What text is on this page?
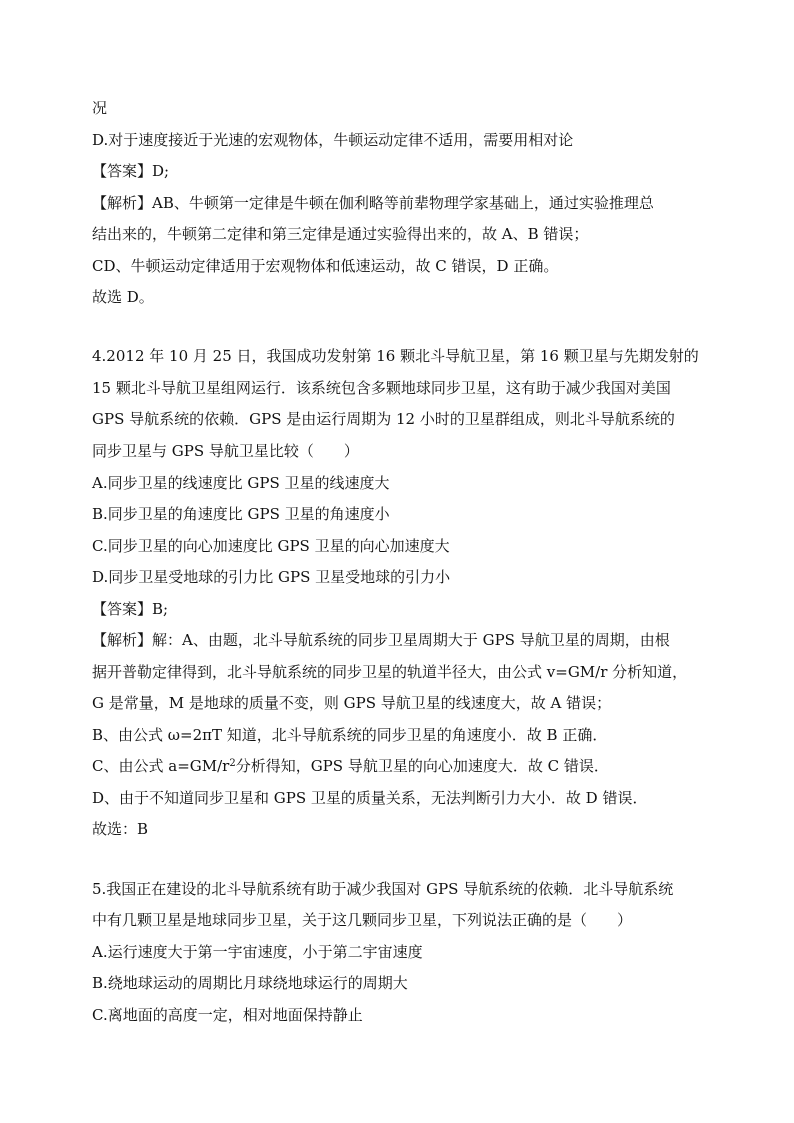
况
D.对于速度接近于光速的宏观物体，牛顿运动定律不适用，需要用相对论
【答案】D;
【解析】AB、牛顿第一定律是牛顿在伽利略等前辈物理学家基础上，通过实验推理总
结出来的，牛顿第二定律和第三定律是通过实验得出来的，故 A、B 错误；
CD、牛顿运动定律适用于宏观物体和低速运动，故 C 错误，D 正确。
故选 D。
4.2012 年 10 月 25 日，我国成功发射第 16 颗北斗导航卫星，第 16 颗卫星与先期发射的
15 颗北斗导航卫星组网运行．该系统包含多颗地球同步卫星，这有助于减少我国对美国
GPS 导航系统的依赖．GPS 是由运行周期为 12 小时的卫星群组成，则北斗导航系统的
同步卫星与 GPS 导航卫星比较（　　）
A.同步卫星的线速度比 GPS 卫星的线速度大
B.同步卫星的角速度比 GPS 卫星的角速度小
C.同步卫星的向心加速度比 GPS 卫星的向心加速度大
D.同步卫星受地球的引力比 GPS 卫星受地球的引力小
【答案】B;
【解析】解：A、由题，北斗导航系统的同步卫星周期大于 GPS 导航卫星的周期，由根
据开普勒定律得到，北斗导航系统的同步卫星的轨道半径大，由公式 v=GM/r 分析知道，
G 是常量，M 是地球的质量不变，则 GPS 导航卫星的线速度大，故 A 错误；
B、由公式 ω=2πT 知道，北斗导航系统的同步卫星的角速度小．故 B 正确．
C、由公式 $a=GM/r^2$分析得知，GPS 导航卫星的向心加速度大．故 C 错误．
D、由于不知道同步卫星和 GPS 卫星的质量关系，无法判断引力大小．故 D 错误．
故选：B
5.我国正在建设的北斗导航系统有助于减少我国对 GPS 导航系统的依赖．北斗导航系统
中有几颗卫星是地球同步卫星，关于这几颗同步卫星，下列说法正确的是（　　）
A.运行速度大于第一宇宙速度，小于第二宇宙速度
B.绕地球运动的周期比月球绕地球运行的周期大
C.离地面的高度一定，相对地面保持静止
